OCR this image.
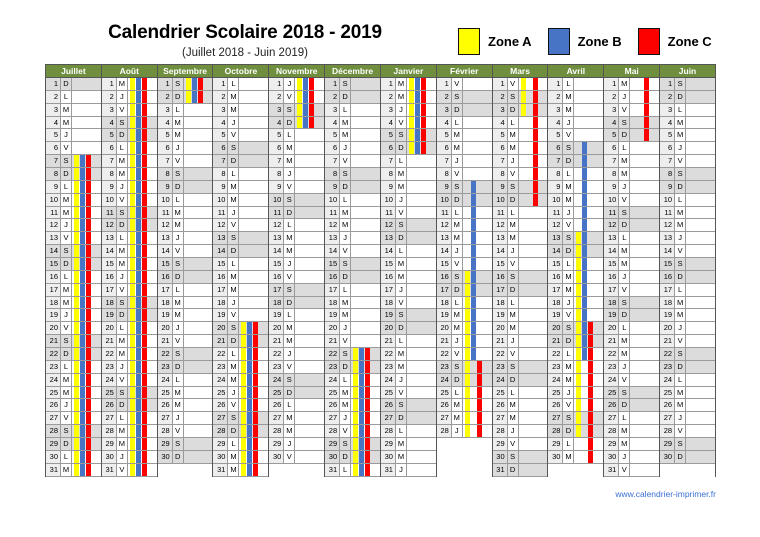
Calendrier Scolaire 2018 - 2019
(Juillet 2018 - Juin 2019)
Zone A	Zone B	Zone C
Juillet
1 D
2 L
3 M
4 M
5 J
6 V
7 S
8 D
9 L
10 M
11 M
12 J
13 V
14 S
15 D
16 L
17 M
18 M
19 J
20 V
21 S
22 D
23 L
24 M
25 M
26 J
27 V
28 S
29 D
30 L
31 M
Août
1 M
2 J
3 V
4 S
5 D
6 L
7 M
8 M
9 J
10 V
11 S
12 D
13 L
14 M
15 M
16 J
17 V
18 S
19 D
20 L
21 M
22 M
23 J
24 V
25 S
26 D
27 L
28 M
29 M
30 J
31 V
Septembre
1 S
2 D
3 L
4 M
5 M
6 J
7 V
8 S
9 D
10 L
11 M
12 M
13 J
14 V
15 S
16 D
17 L
18 M
19 M
20 J
21 V
22 S
23 D
24 L
25 M
26 M
27 J
28 V
29 S
30 D
Octobre
1 L
2 M
3 M
4 J
5 V
6 S
7 D
8 L
9 M
10 M
11 J
12 V
13 S
14 D
15 L
16 M
17 M
18 J
19 V
20 S
21 D
22 L
23 M
24 M
25 J
26 V
27 S
28 D
29 L
30 M
31 M
Novembre
1 J
2 V
3 S
4 D
5 L
6 M
7 M
8 J
9 V
10 S
11 D
12 L
13 M
14 M
15 J
16 V
17 S
18 D
19 L
20 M
21 M
22 J
23 V
24 S
25 D
26 L
27 M
28 M
29 J
30 V
Décembre
1 S
2 D
3 L
4 M
5 M
6 J
7 V
8 S
9 D
10 L
11 M
12 M
13 J
14 V
15 S
16 D
17 L
18 M
19 M
20 J
21 V
22 S
23 D
24 L
25 M
26 M
27 J
28 V
29 S
30 D
31 L
Janvier
1 M
2 M
3 J
4 V
5 S
6 D
7 L
8 M
9 M
10 J
11 V
12 S
13 D
14 L
15 M
16 M
17 J
18 V
19 S
20 D
21 L
22 M
23 M
24 J
25 V
26 S
27 D
28 L
29 M
30 M
31 J
Février
1 V
2 S
3 D
4 L
5 M
6 M
7 J
8 V
9 S
10 D
11 L
12 M
13 M
14 J
15 V
16 S
17 D
18 L
19 M
20 M
21 J
22 V
23 S
24 D
25 L
26 M
27 M
28 J
Mars
1 V
2 S
3 D
4 L
5 M
6 M
7 J
8 V
9 S
10 D
11 L
12 M
13 M
14 J
15 V
16 S
17 D
18 L
19 M
20 M
21 J
22 V
23 S
24 D
25 L
26 M
27 M
28 J
29 V
30 S
31 D
Avril
1 L
2 M
3 M
4 J
5 V
6 S
7 D
8 L
9 M
10 M
11 J
12 V
13 S
14 D
15 L
16 M
17 M
18 J
19 V
20 S
21 D
22 L
23 M
24 M
25 J
26 V
27 S
28 D
29 L
30 M
Mai
1 M
2 J
3 V
4 S
5 D
6 L
7 M
8 M
9 J
10 V
11 S
12 D
13 L
14 M
15 M
16 J
17 V
18 S
19 D
20 L
21 M
22 M
23 J
24 V
25 S
26 D
27 L
28 M
29 M
30 J
31 V
Juin
1 S
2 D
3 L
4 M
5 M
6 J
7 V
8 S
9 D
10 L
11 M
12 M
13 J
14 V
15 S
16 D
17 L
18 M
19 M
20 J
21 V
22 S
23 D
24 L
25 M
26 M
27 J
28 V
29 S
30 D
www.calendrier-imprimer.fr
